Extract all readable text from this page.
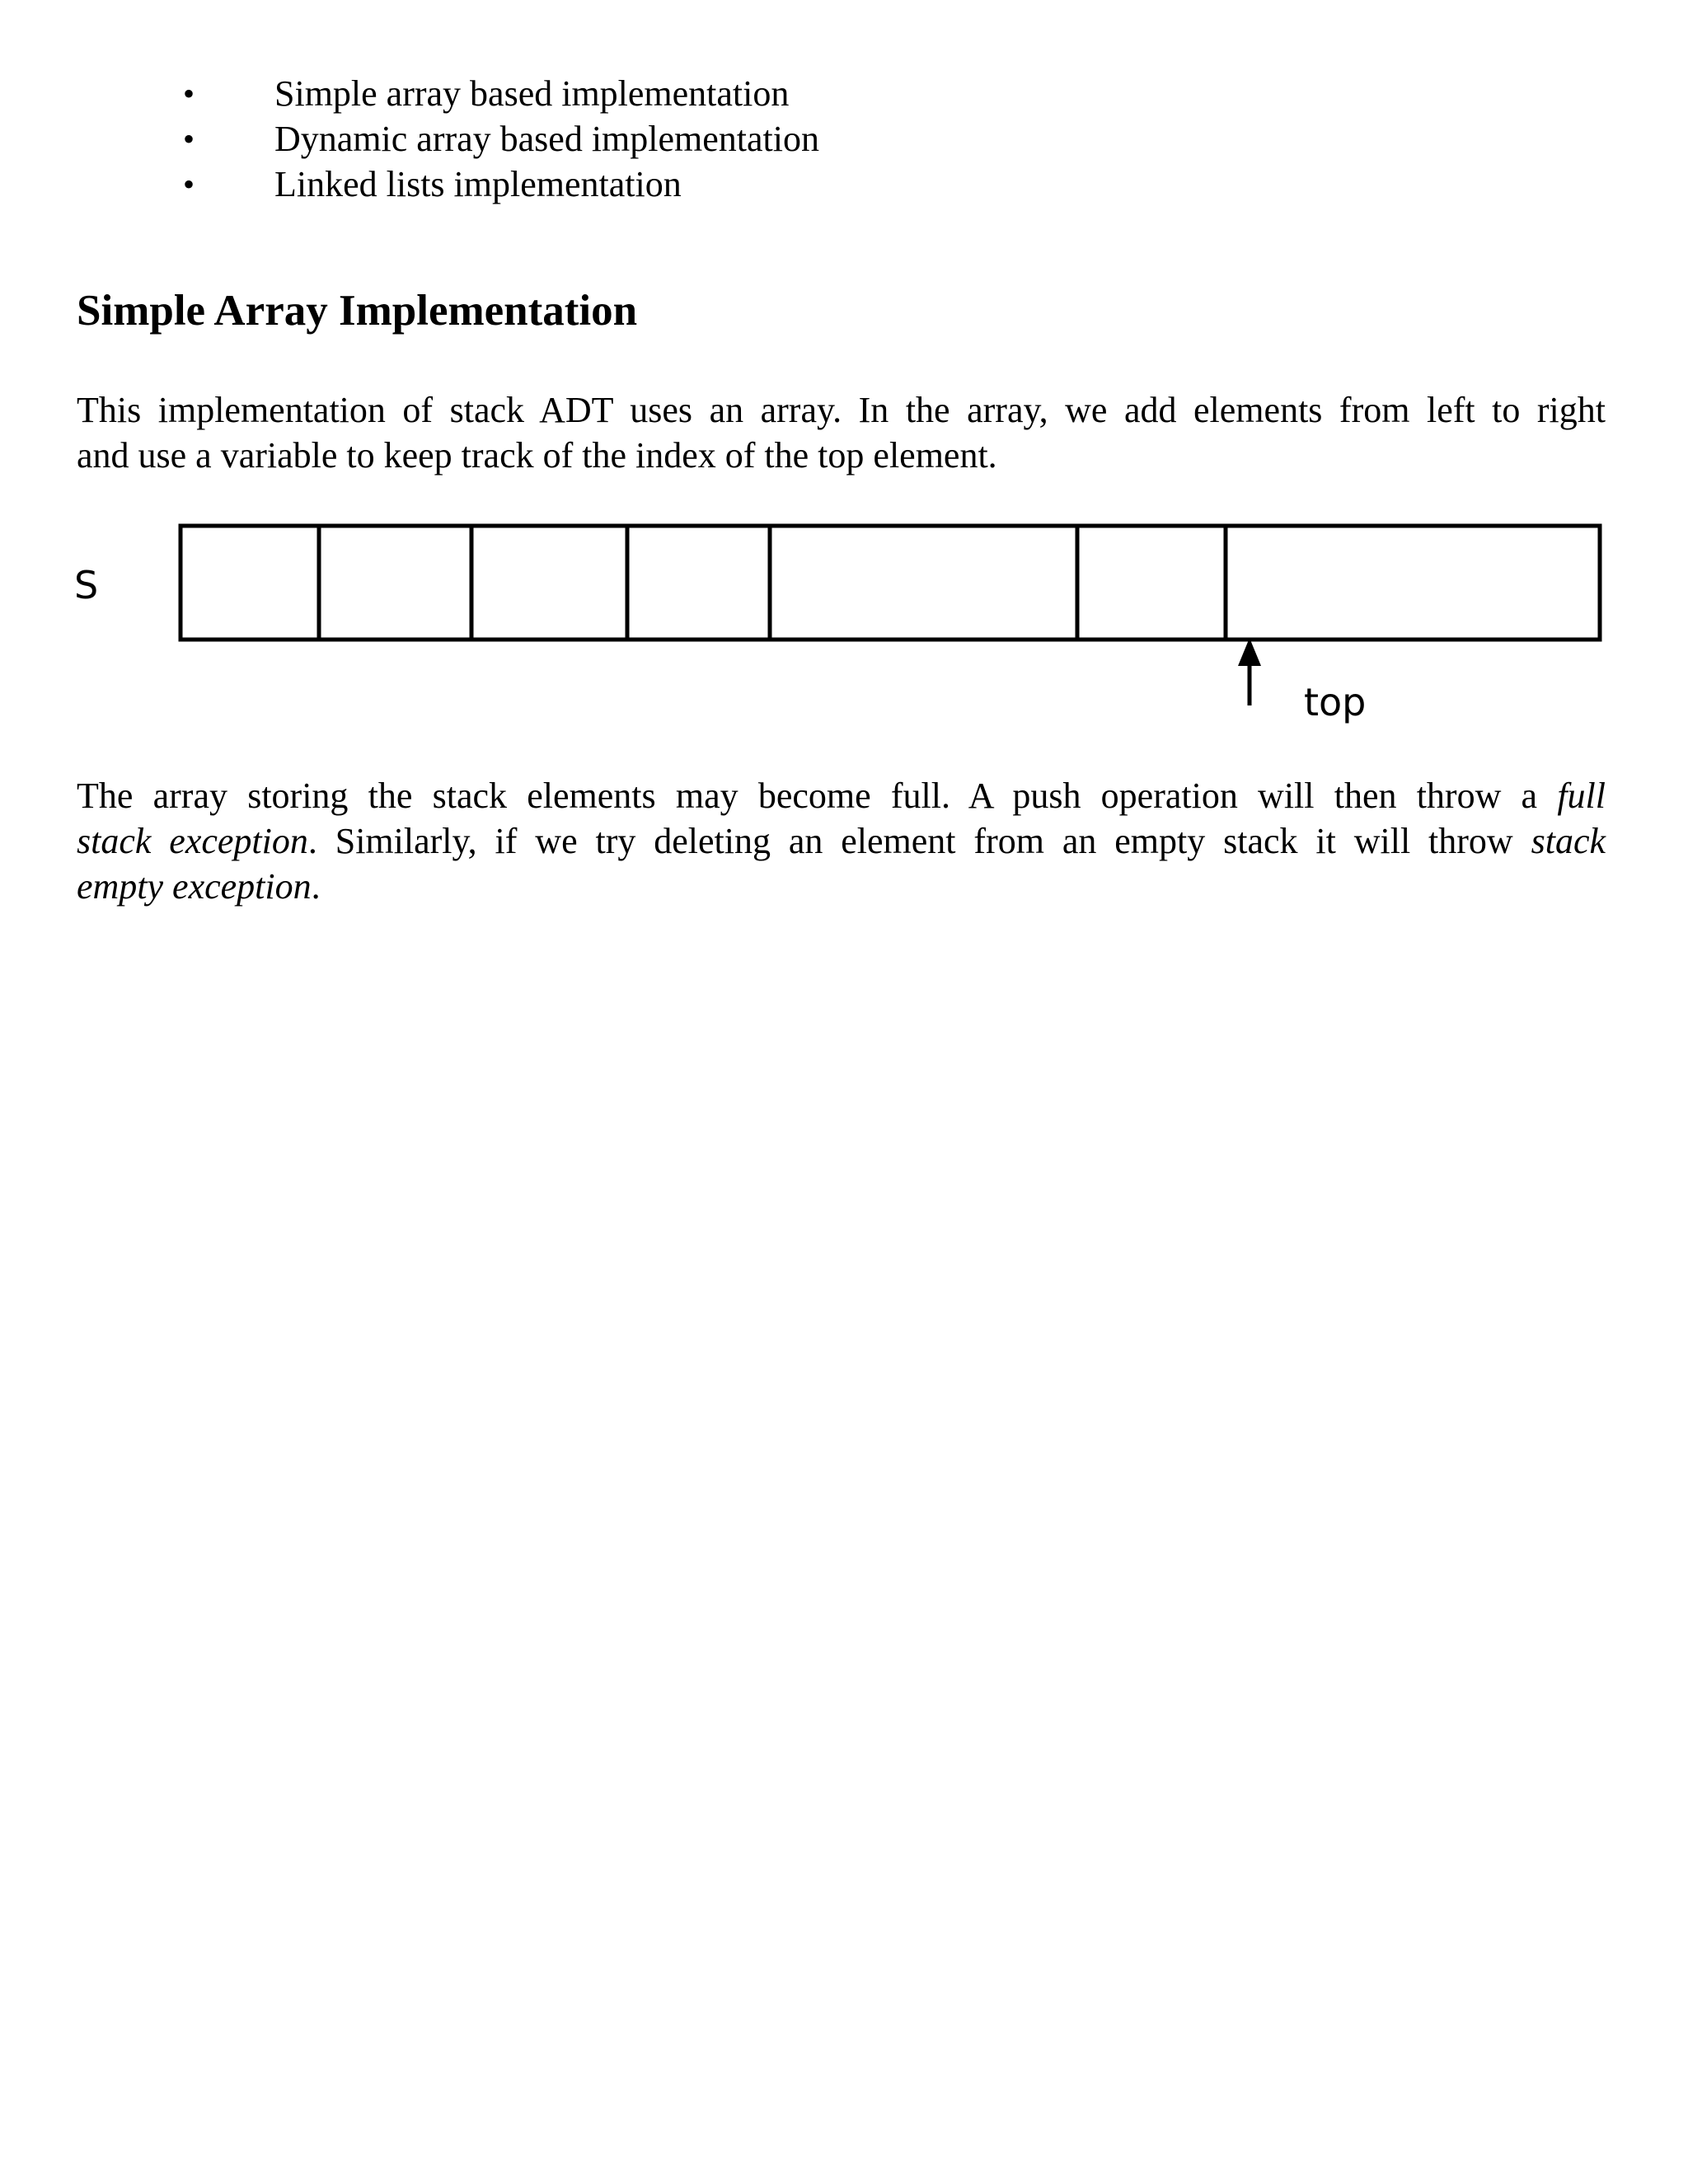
• Simple array based implementation
• Dynamic array based implementation
• Linked lists implementation
Simple Array Implementation

This implementation of stack ADT uses an array. In the array, we add elements from left to right
and use a variable to keep track of the index of the top element.

S
top

The array storing the stack elements may become full. A push operation will then throw a full
stack exception. Similarly, if we try deleting an element from an empty stack it will throw stack
empty exception.
